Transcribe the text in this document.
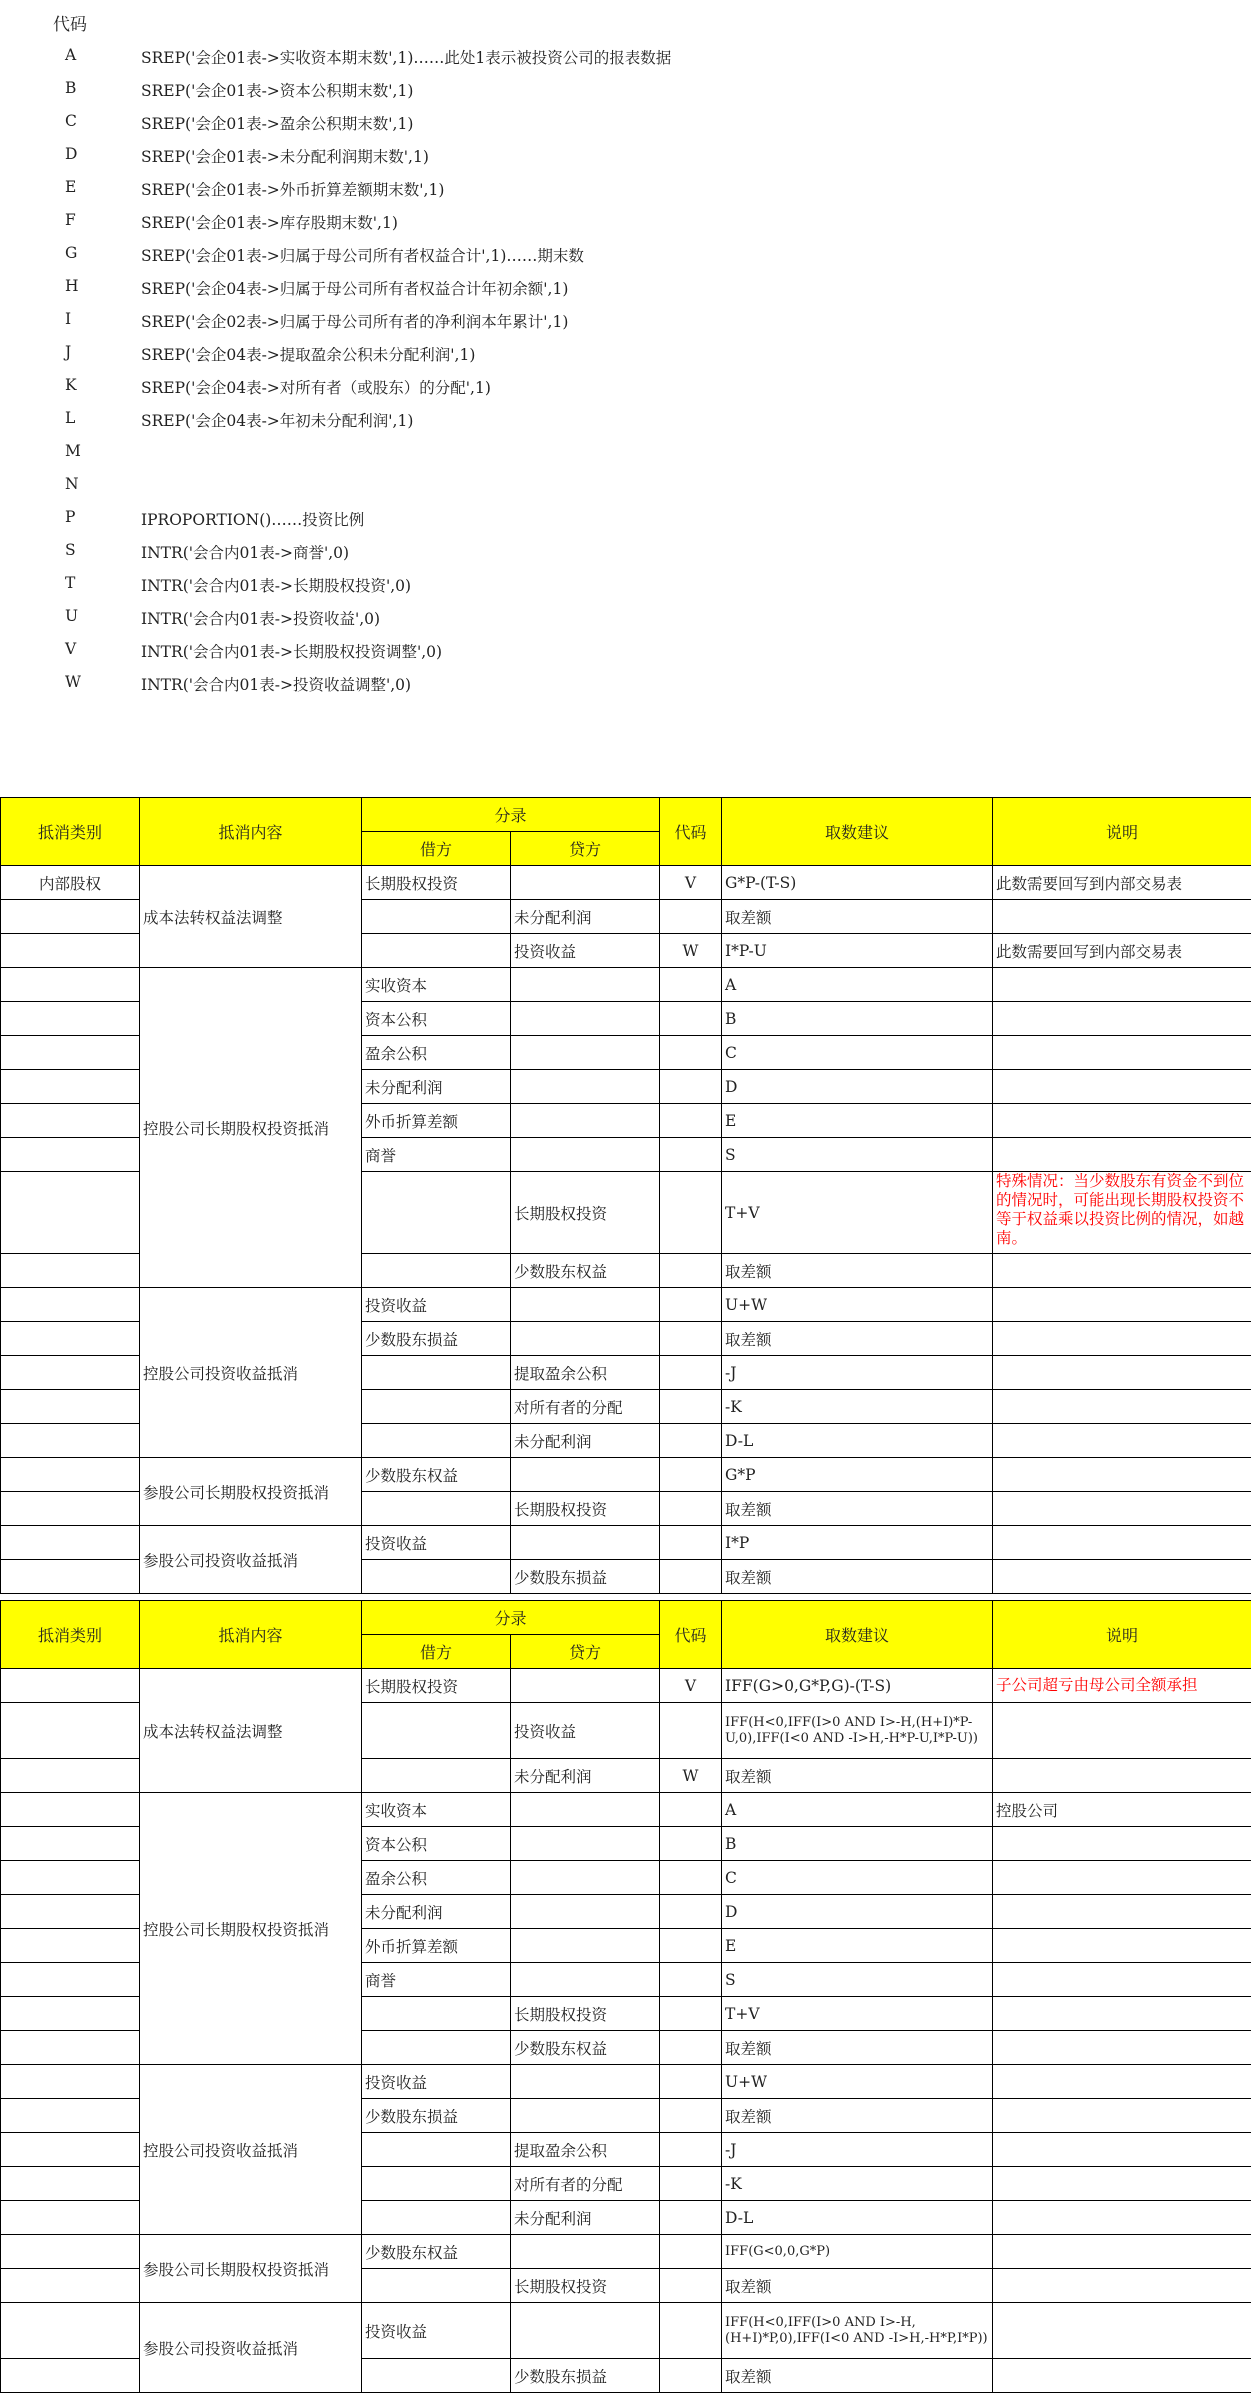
代码
A	SREP('会企01表->实收资本期末数',1)……此处1表示被投资公司的报表数据
B	SREP('会企01表->资本公积期末数',1)
C	SREP('会企01表->盈余公积期末数',1)
D	SREP('会企01表->未分配利润期末数',1)
E	SREP('会企01表->外币折算差额期末数',1)
F	SREP('会企01表->库存股期末数',1)
G	SREP('会企01表->归属于母公司所有者权益合计',1)……期末数
H	SREP('会企04表->归属于母公司所有者权益合计年初余额',1)
I	SREP('会企02表->归属于母公司所有者的净利润本年累计',1)
J	SREP('会企04表->提取盈余公积未分配利润',1)
K	SREP('会企04表->对所有者（或股东）的分配',1)
L	SREP('会企04表->年初未分配利润',1)
M
N
P	IPROPORTION()……投资比例
S	INTR('会合内01表->商誉',0)
T	INTR('会合内01表->长期股权投资',0)
U	INTR('会合内01表->投资收益',0)
V	INTR('会合内01表->长期股权投资调整',0)
W	INTR('会合内01表->投资收益调整',0)
抵消类别	抵消内容	分录		代码	取数建议	说明
		借方	贷方			
内部股权	成本法转权益法调整	长期股权投资		V	G*P-(T-S)	此数需要回写到内部交易表
			未分配利润		取差额	
			投资收益	W	I*P-U	此数需要回写到内部交易表
	控股公司长期股权投资抵消	实收资本			A	
		资本公积			B	
		盈余公积			C	
		未分配利润			D	
		外币折算差额			E	
		商誉			S	
			长期股权投资		T+V	特殊情况：当少数股东有资金不到位的情况时，可能出现长期股权投资不等于权益乘以投资比例的情况，如越南。
			少数股东权益		取差额	
	控股公司投资收益抵消	投资收益			U+W	
		少数股东损益			取差额	
			提取盈余公积		-J	
			对所有者的分配		-K	
			未分配利润		D-L	
	参股公司长期股权投资抵消	少数股东权益			G*P	
			长期股权投资		取差额	
	参股公司投资收益抵消	投资收益			I*P	
			少数股东损益		取差额	
抵消类别	抵消内容	分录		代码	取数建议	说明
		借方	贷方			
	成本法转权益法调整	长期股权投资		V	IFF(G>0,G*P,G)-(T-S)	子公司超亏由母公司全额承担
			投资收益		IFF(H<0,IFF(I>0 AND I>-H,(H+I)*P-U,0),IFF(I<0 AND -I>H,-H*P-U,I*P-U))	
			未分配利润	W	取差额	
	控股公司长期股权投资抵消	实收资本			A	控股公司
		资本公积			B	
		盈余公积			C	
		未分配利润			D	
		外币折算差额			E	
		商誉			S	
			长期股权投资		T+V	
			少数股东权益		取差额	
	控股公司投资收益抵消	投资收益			U+W	
		少数股东损益			取差额	
			提取盈余公积		-J	
			对所有者的分配		-K	
			未分配利润		D-L	
	参股公司长期股权投资抵消	少数股东权益			IFF(G<0,0,G*P)	
			长期股权投资		取差额	
	参股公司投资收益抵消	投资收益			IFF(H<0,IFF(I>0 AND I>-H,(H+I)*P,0),IFF(I<0 AND -I>H,-H*P,I*P))	
			少数股东损益		取差额	
